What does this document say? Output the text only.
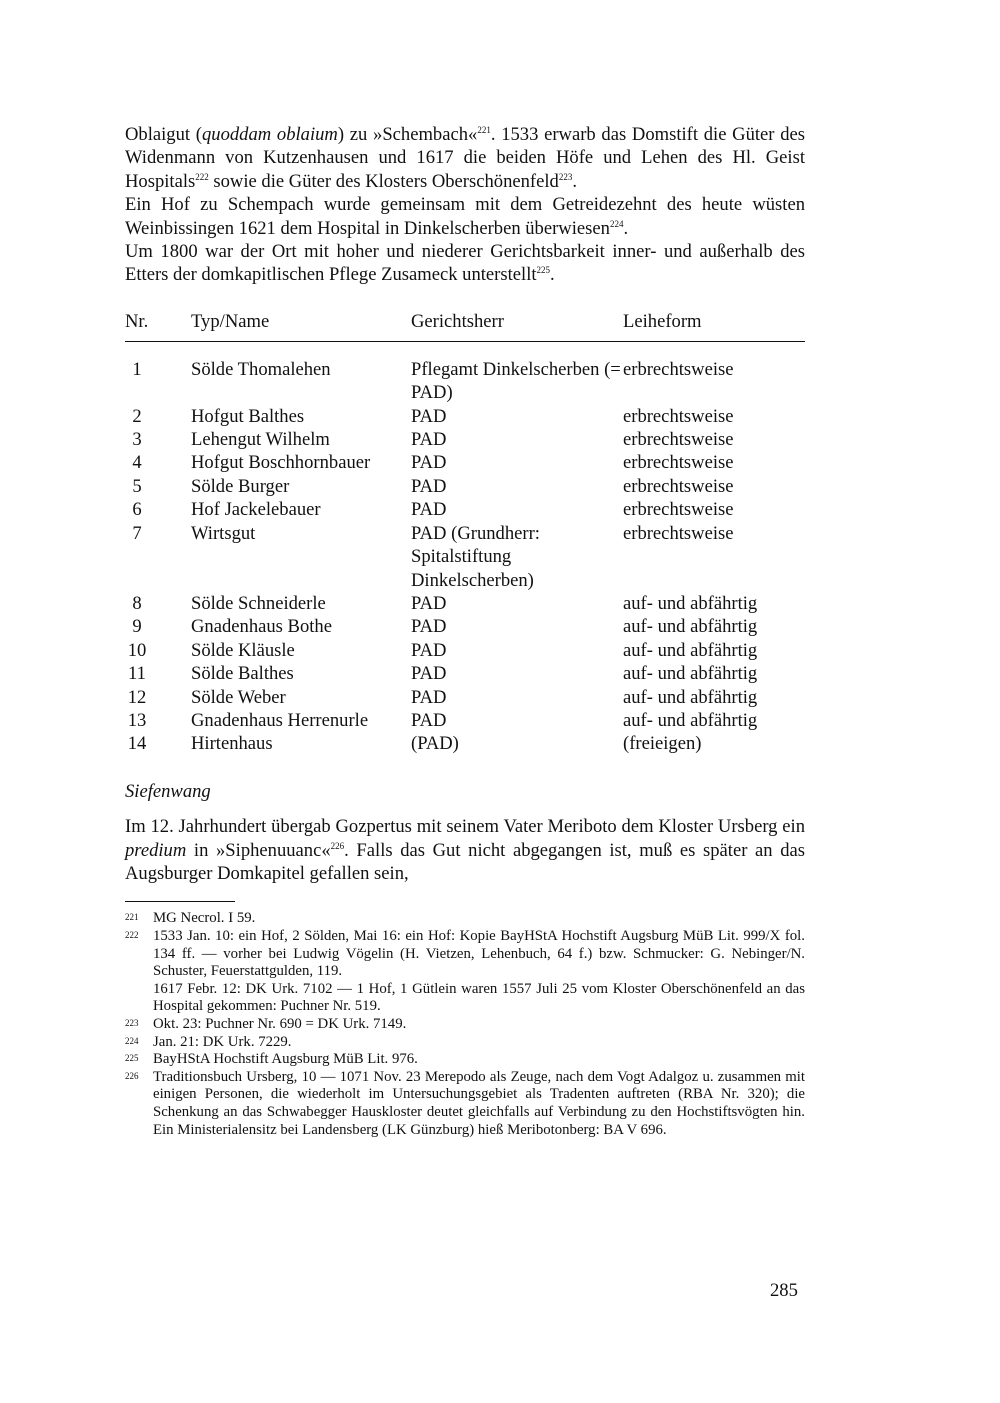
Oblaigut (quoddam oblaium) zu »Schembach«$^{221}$. 1533 erwarb das Domstift die Güter des Widenmann von Kutzenhausen und 1617 die beiden Höfe und Lehen des Hl. Geist Hospitals$^{222}$ sowie die Güter des Klosters Oberschönenfeld$^{223}$.

Ein Hof zu Schempach wurde gemeinsam mit dem Getreidezehnt des heute wüsten Weinbissingen 1621 dem Hospital in Dinkelscherben überwiesen$^{224}$.

Um 1800 war der Ort mit hoher und niederer Gerichtsbarkeit inner- und außerhalb des Etters der domkapitlischen Pflege Zusameck unterstellt$^{225}$.

Nr.	Typ/Name	Gerichtsherr	Leiheform
1	Sölde Thomalehen	Pflegamt Dinkelscherben (= PAD)	erbrechtsweise
2	Hofgut Balthes	PAD	erbrechtsweise
3	Lehengut Wilhelm	PAD	erbrechtsweise
4	Hofgut Boschhornbauer	PAD	erbrechtsweise
5	Sölde Burger	PAD	erbrechtsweise
6	Hof Jackelebauer	PAD	erbrechtsweise
7	Wirtsgut	PAD (Grundherr: Spitalstiftung Dinkelscherben)	erbrechtsweise
8	Sölde Schneiderle	PAD	auf- und abfährtig
9	Gnadenhaus Bothe	PAD	auf- und abfährtig
10	Sölde Kläusle	PAD	auf- und abfährtig
11	Sölde Balthes	PAD	auf- und abfährtig
12	Sölde Weber	PAD	auf- und abfährtig
13	Gnadenhaus Herrenurle	PAD	auf- und abfährtig
14	Hirtenhaus	(PAD)	(freieigen)
Siefenwang

Im 12. Jahrhundert übergab Gozpertus mit seinem Vater Meriboto dem Kloster Ursberg ein predium in »Siphenuuanc«$^{226}$. Falls das Gut nicht abgegangen ist, muß es später an das Augsburger Domkapitel gefallen sein,

221 MG Necrol. I 59.
222 1533 Jan. 10: ein Hof, 2 Sölden, Mai 16: ein Hof: Kopie BayHStA Hochstift Augsburg MüB Lit. 999/X fol. 134 ff. — vorher bei Ludwig Vögelin (H. Vietzen, Lehenbuch, 64 f.) bzw. Schmucker: G. Nebinger/N. Schuster, Feuerstattgulden, 119.
1617 Febr. 12: DK Urk. 7102 — 1 Hof, 1 Gütlein waren 1557 Juli 25 vom Kloster Oberschönenfeld an das Hospital gekommen: Puchner Nr. 519.
223 Okt. 23: Puchner Nr. 690 = DK Urk. 7149.
224 Jan. 21: DK Urk. 7229.
225 BayHStA Hochstift Augsburg MüB Lit. 976.
226 Traditionsbuch Ursberg, 10 — 1071 Nov. 23 Merepodo als Zeuge, nach dem Vogt Adalgoz u. zusammen mit einigen Personen, die wiederholt im Untersuchungsgebiet als Tradenten auftreten (RBA Nr. 320); die Schenkung an das Schwabegger Hauskloster deutet gleichfalls auf Verbindung zu den Hochstiftsvögten hin. Ein Ministerialensitz bei Landensberg (LK Günzburg) hieß Meribotonberg: BA V 696.
285
